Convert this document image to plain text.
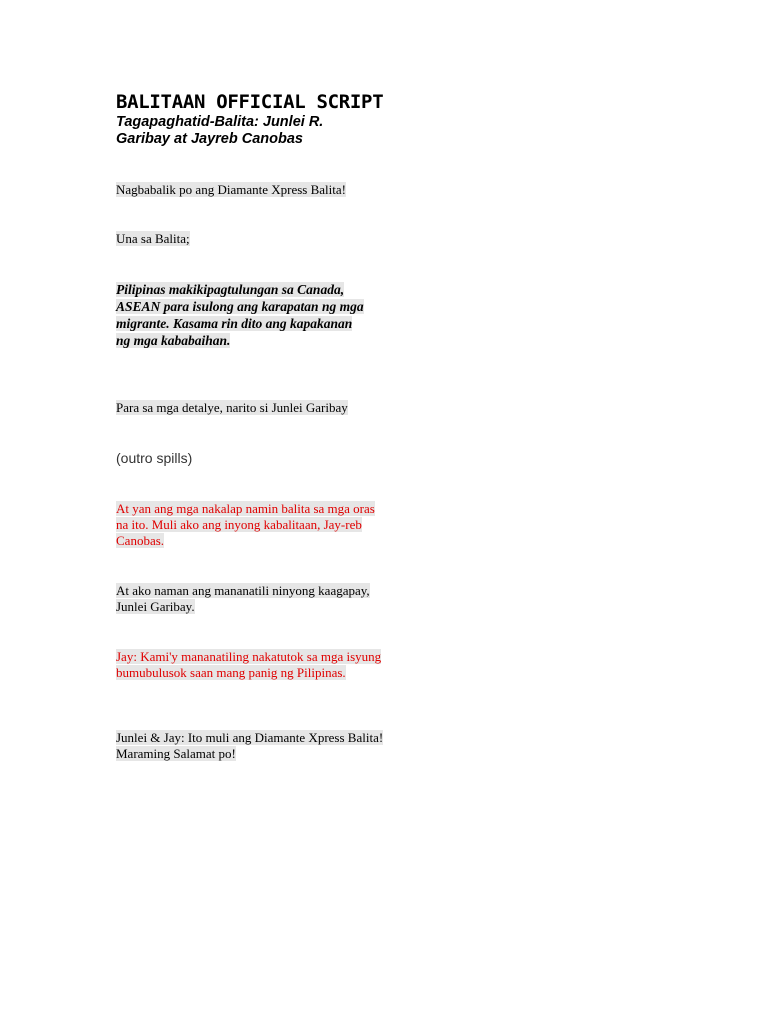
BALITAAN OFFICIAL SCRIPT

Tagapaghatid-Balita: Junlei R. Garibay at Jayreb Canobas

Nagbabalik po ang Diamante Xpress Balita!

Una sa Balita;

Pilipinas makikipagtulungan sa Canada, ASEAN para isulong ang karapatan ng mga migrante. Kasama rin dito ang kapakanan ng mga kababaihan.

Para sa mga detalye, narito si Junlei Garibay

(outro spills)

At yan ang mga nakalap namin balita sa mga oras na ito. Muli ako ang inyong kabalitaan, Jay-reb Canobas.

At ako naman ang mananatili ninyong kaagapay, Junlei Garibay.

Jay: Kami'y mananatiling nakatutok sa mga isyung bumubulusok saan mang panig ng Pilipinas.

Junlei & Jay: Ito muli ang Diamante Xpress Balita! Maraming Salamat po!
